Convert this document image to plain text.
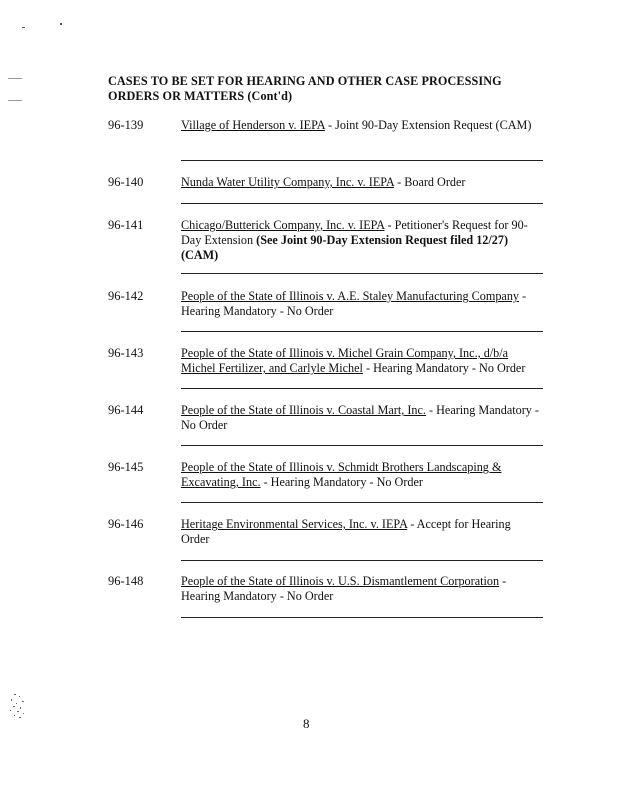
CASES TO BE SET FOR HEARING AND OTHER CASE PROCESSING
ORDERS OR MATTERS (Cont'd)
96-139	Village of Henderson v. IEPA - Joint 90-Day Extension Request (CAM)
96-140	Nunda Water Utility Company, Inc. v. IEPA - Board Order
96-141	Chicago/Butterick Company, Inc. v. IEPA - Petitioner's Request for 90-Day Extension (See Joint 90-Day Extension Request filed 12/27)(CAM)
96-142	People of the State of Illinois v. A.E. Staley Manufacturing Company - Hearing Mandatory - No Order
96-143	People of the State of Illinois v. Michel Grain Company, Inc., d/b/a Michel Fertilizer, and Carlyle Michel - Hearing Mandatory - No Order
96-144	People of the State of Illinois v. Coastal Mart, Inc. - Hearing Mandatory - No Order
96-145	People of the State of Illinois v. Schmidt Brothers Landscaping & Excavating, Inc. - Hearing Mandatory - No Order
96-146	Heritage Environmental Services, Inc. v. IEPA - Accept for Hearing Order
96-148	People of the State of Illinois v. U.S. Dismantlement Corporation - Hearing Mandatory - No Order
8
